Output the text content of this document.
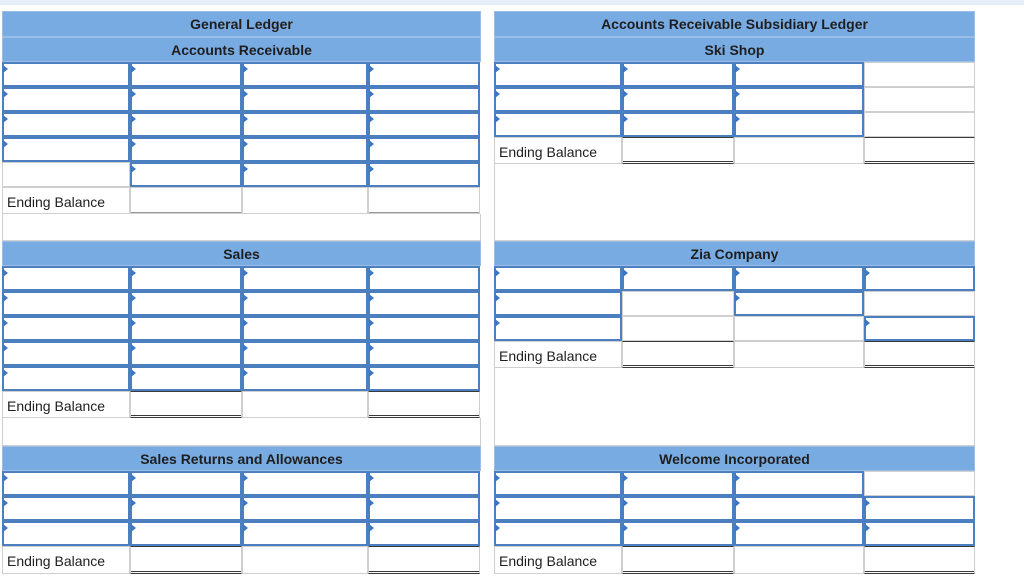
General Ledger
Accounts Receivable
Ending Balance
Sales
Ending Balance
Sales Returns and Allowances
Ending Balance
Accounts Receivable Subsidiary Ledger
Ski Shop
Ending Balance
Zia Company
Ending Balance
Welcome Incorporated
Ending Balance
